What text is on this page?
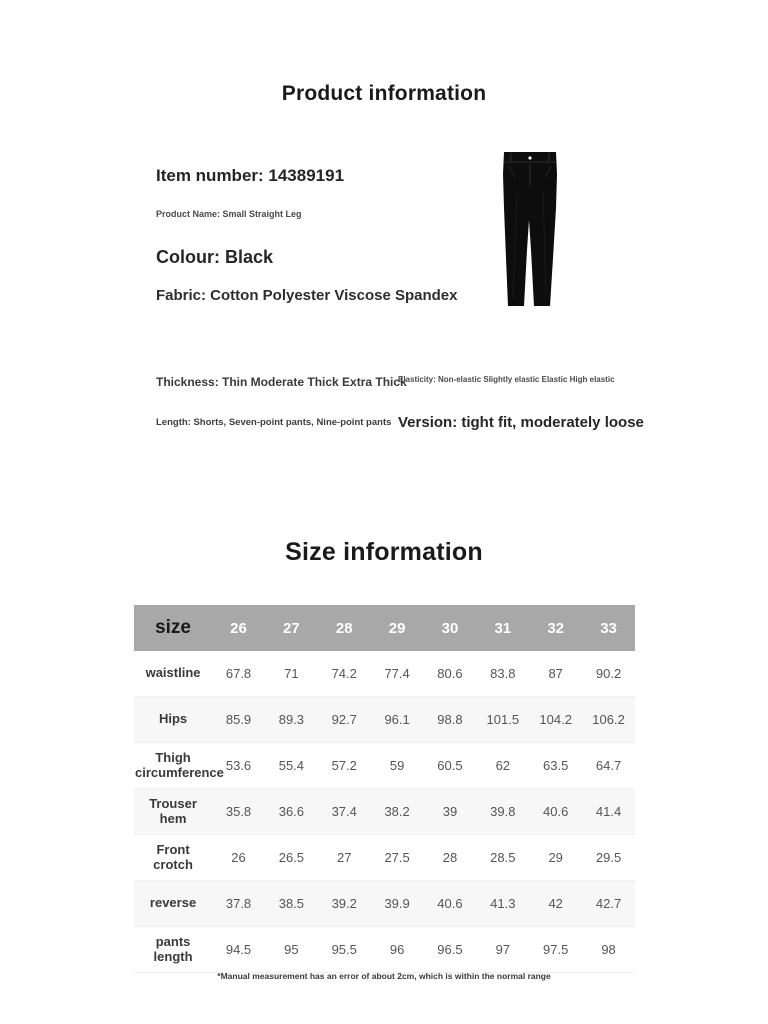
Product information
Item number: 14389191
Product Name: Small Straight Leg
Colour: Black
Fabric: Cotton Polyester Viscose Spandex
Thickness: Thin Moderate Thick Extra Thick
Elasticity: Non-elastic Slightly elastic Elastic High elastic
Length: Shorts, Seven-point pants, Nine-point pants Version: tight fit, moderately loose
Size information
size	26	27	28	29	30	31	32	33
waistline	67.8	71	74.2	77.4	80.6	83.8	87	90.2
Hips	85.9	89.3	92.7	96.1	98.8	101.5	104.2	106.2
Thigh circumference	53.6	55.4	57.2	59	60.5	62	63.5	64.7
Trouser hem	35.8	36.6	37.4	38.2	39	39.8	40.6	41.4
Front crotch	26	26.5	27	27.5	28	28.5	29	29.5
reverse	37.8	38.5	39.2	39.9	40.6	41.3	42	42.7
pants length	94.5	95	95.5	96	96.5	97	97.5	98
*Manual measurement has an error of about 2cm, which is within the normal range
